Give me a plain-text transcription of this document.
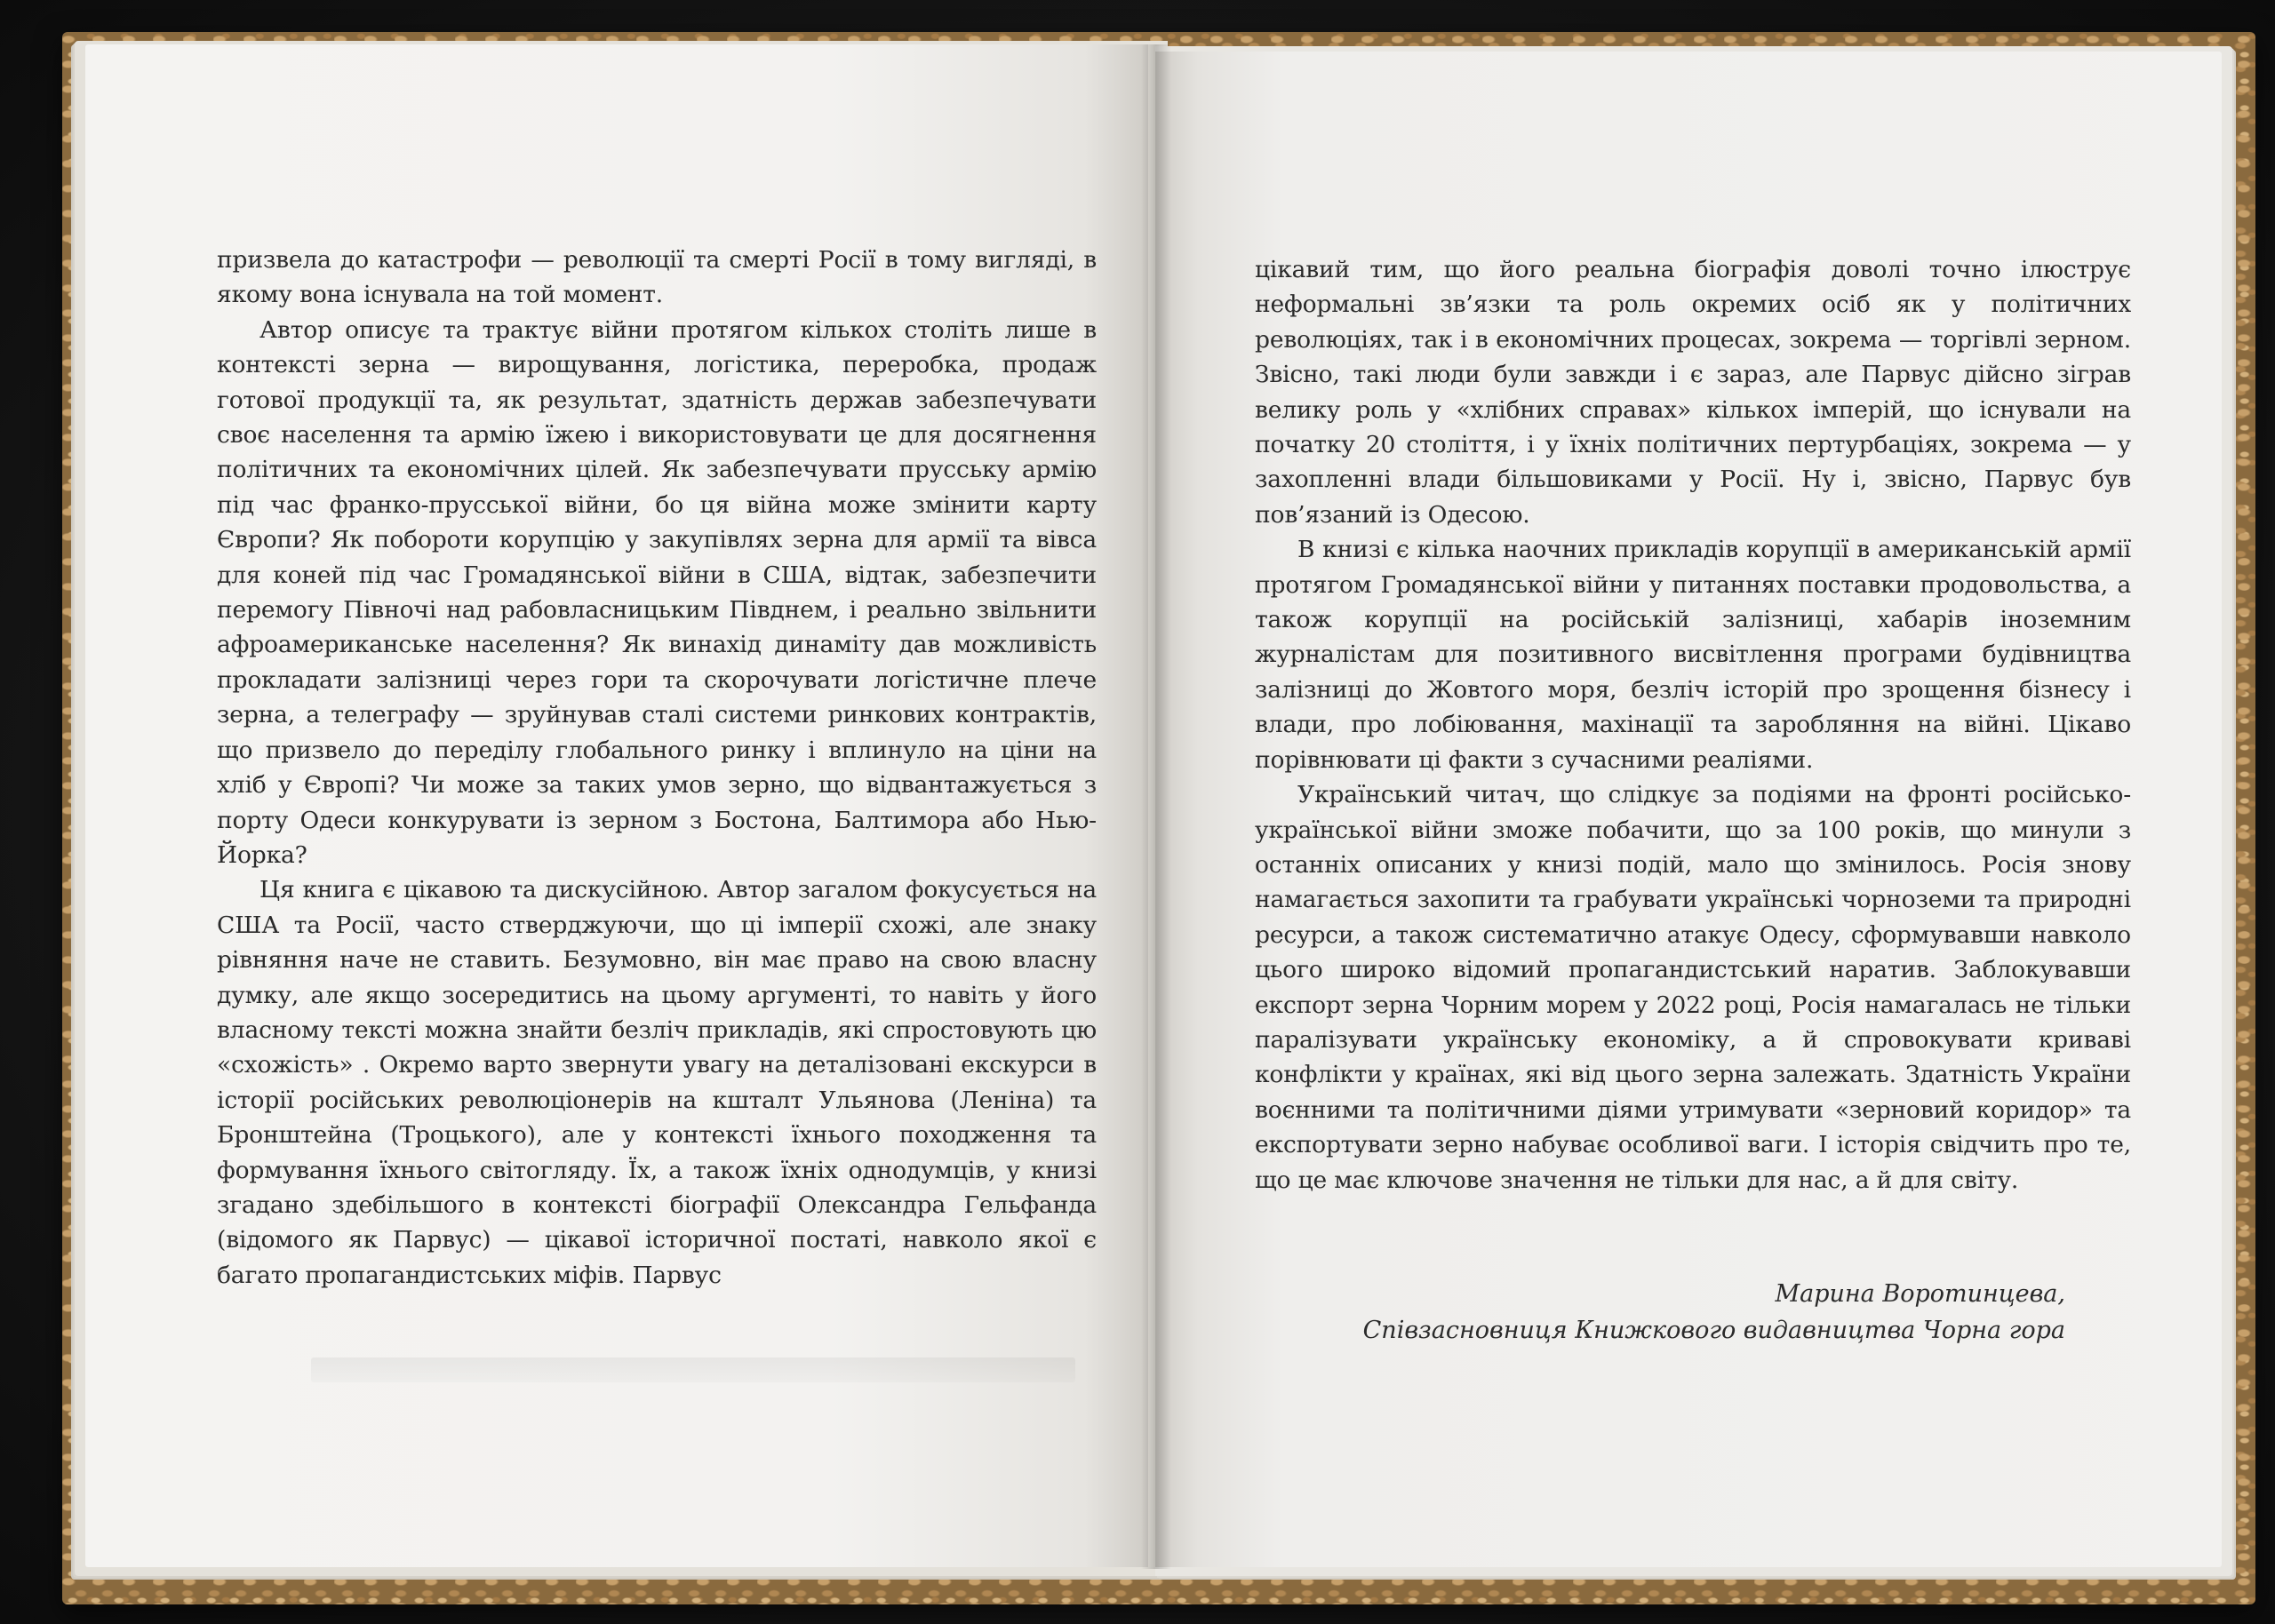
призвела до катастрофи — революції та смерті Росії в тому вигляді, в якому вона існувала на той момент.

Автор описує та трактує війни протягом кількох століть лише в контексті зерна — вирощування, логістика, переробка, продаж готової продукції та, як результат, здатність держав забезпечувати своє населення та армію їжею і використовувати це для досягнення політичних та економічних цілей. Як забезпечувати прусську армію під час франко-прусської війни, бо ця війна може змінити карту Європи? Як побороти корупцію у закупівлях зерна для армії та вівса для коней під час Громадянської війни в США, відтак, забезпечити перемогу Півночі над рабовласницьким Півднем, і реально звільнити афроамериканське населення? Як винахід динаміту дав можливість прокладати залізниці через гори та скорочувати логістичне плече зерна, а телеграфу — зруйнував сталі системи ринкових контрактів, що призвело до переділу глобального ринку і вплинуло на ціни на хліб у Європі? Чи може за таких умов зерно, що відвантажується з порту Одеси конкурувати із зерном з Бостона, Балтимора або Нью-Йорка?

Ця книга є цікавою та дискусійною. Автор загалом фокусується на США та Росії, часто стверджуючи, що ці імперії схожі, але знаку рівняння наче не ставить. Безумовно, він має право на свою власну думку, але якщо зосередитись на цьому аргументі, то навіть у його власному тексті можна знайти безліч прикладів, які спростовують цю «схожість» . Окремо варто звернути увагу на деталізовані екскурси в історії російських революціонерів на кшталт Ульянова (Леніна) та Бронштейна (Троцького), але у контексті їхнього походження та формування їхнього світогляду. Їх, а також їхніх однодумців, у книзі згадано здебільшого в контексті біографії Олександра Гельфанда (відомого як Парвус) — цікавої історичної постаті, навколо якої є багато пропагандистських міфів. Парвус

цікавий тим, що його реальна біографія доволі точно ілюструє неформальні зв’язки та роль окремих осіб як у політичних революціях, так і в економічних процесах, зокрема — торгівлі зерном. Звісно, такі люди були завжди і є зараз, але Парвус дійсно зіграв велику роль у «хлібних справах» кількох імперій, що існували на початку 20 століття, і у їхніх політичних пертурбаціях, зокрема — у захопленні влади більшовиками у Росії. Ну і, звісно, Парвус був пов’язаний із Одесою.

В книзі є кілька наочних прикладів корупції в американській армії протягом Громадянської війни у питаннях поставки продовольства, а також корупції на російській залізниці, хабарів іноземним журналістам для позитивного висвітлення програми будівництва залізниці до Жовтого моря, безліч історій про зрощення бізнесу і влади, про лобіювання, махінації та заробляння на війні. Цікаво порівнювати ці факти з сучасними реаліями.

Український читач, що слідкує за подіями на фронті російсько-української війни зможе побачити, що за 100 років, що минули з останніх описаних у книзі подій, мало що змінилось. Росія знову намагається захопити та грабувати українські чорноземи та природні ресурси, а також систематично атакує Одесу, сформувавши навколо цього широко відомий пропагандистський наратив. Заблокувавши експорт зерна Чорним морем у 2022 році, Росія намагалась не тільки паралізувати українську економіку, а й спровокувати криваві конфлікти у країнах, які від цього зерна залежать. Здатність України воєнними та політичними діями утримувати «зерновий коридор» та експортувати зерно набуває особливої ваги. І історія свідчить про те, що це має ключове значення не тільки для нас, а й для світу.

Марина Воротинцева,
Співзасновниця Книжкового видавництва Чорна гора
